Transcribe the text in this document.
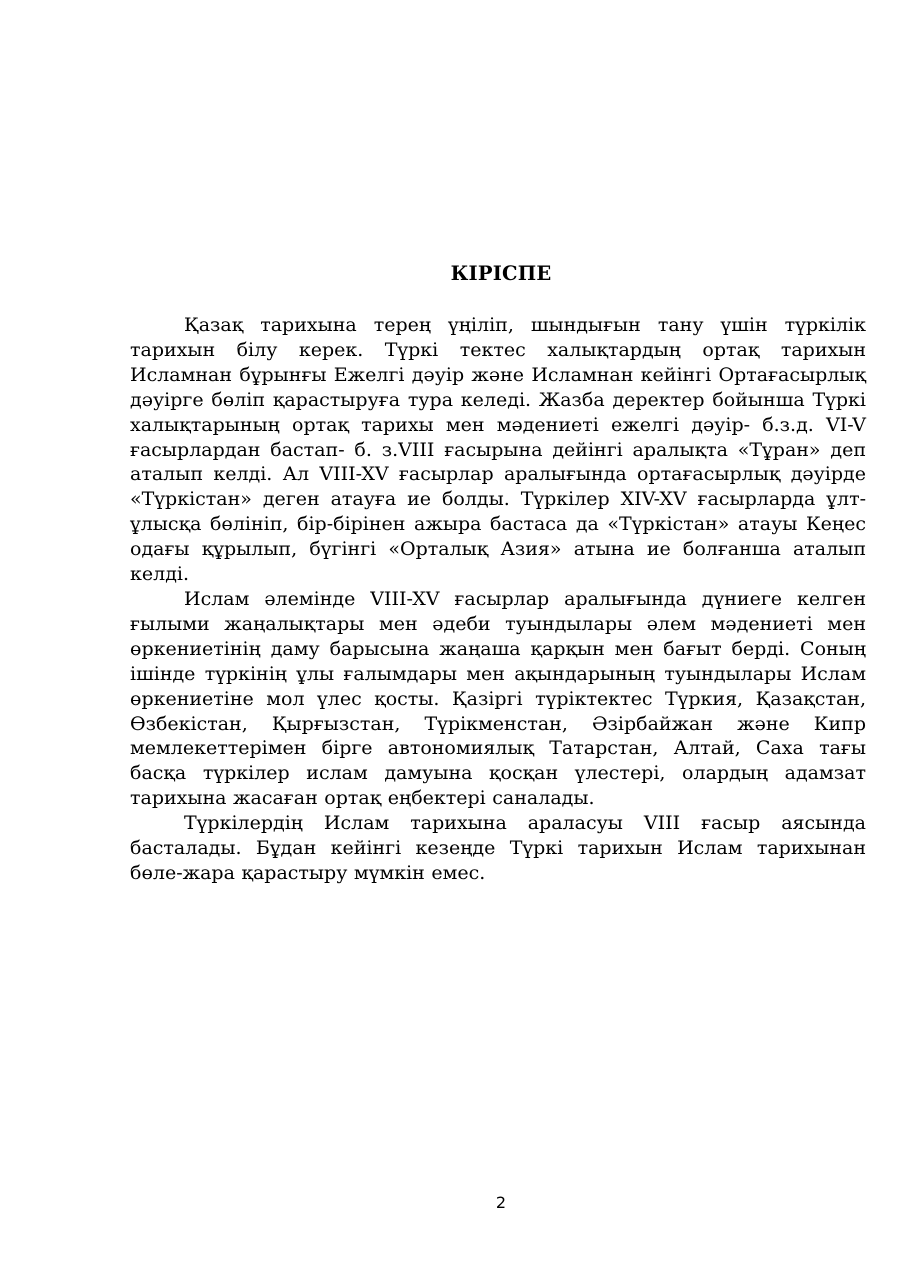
КІРІСПЕ

Қазақ тарихына терең үңіліп, шындығын тану үшін түркілік тарихын білу керек. Түркі тектес халықтардың ортақ тарихын Исламнан бұрынғы Ежелгі дәуір және Исламнан кейінгі Ортағасырлық дәуірге бөліп қарастыруға тура келеді. Жазба деректер бойынша Түркі халықтарының ортақ тарихы мен мәдениеті ежелгі дәуір- б.з.д. VI-V ғасырлардан бастап- б. з.VIII ғасырына дейінгі аралықта «Тұран» деп аталып келді. Ал VIII-XV ғасырлар аралығында ортағасырлық дәуірде «Түркістан» деген атауға ие болды. Түркілер XIV-XV ғасырларда ұлт-ұлысқа бөлініп, бір-бірінен ажыра бастаса да «Түркістан» атауы Кеңес одағы құрылып, бүгінгі «Орталық Азия» атына ие болғанша аталып келді.

Ислам әлемінде VIII-XV ғасырлар аралығында дүниеге келген ғылыми жаңалықтары мен әдеби туындылары әлем мәдениеті мен өркениетінің даму барысына жаңаша қарқын мен бағыт берді. Соның ішінде түркінің ұлы ғалымдары мен ақындарының туындылары Ислам өркениетіне мол үлес қосты. Қазіргі түріктектес Түркия, Қазақстан, Өзбекістан, Қырғызстан, Түрікменстан, Әзірбайжан және Кипр мемлекеттерімен бірге автономиялық Татарстан, Алтай, Саха тағы басқа түркілер ислам дамуына қосқан үлестері, олардың адамзат тарихына жасаған ортақ еңбектері саналады.

Түркілердің Ислам тарихына араласуы VIII ғасыр аясында басталады. Бұдан кейінгі кезеңде Түркі тарихын Ислам тарихынан бөле-жара қарастыру мүмкін емес.

2
